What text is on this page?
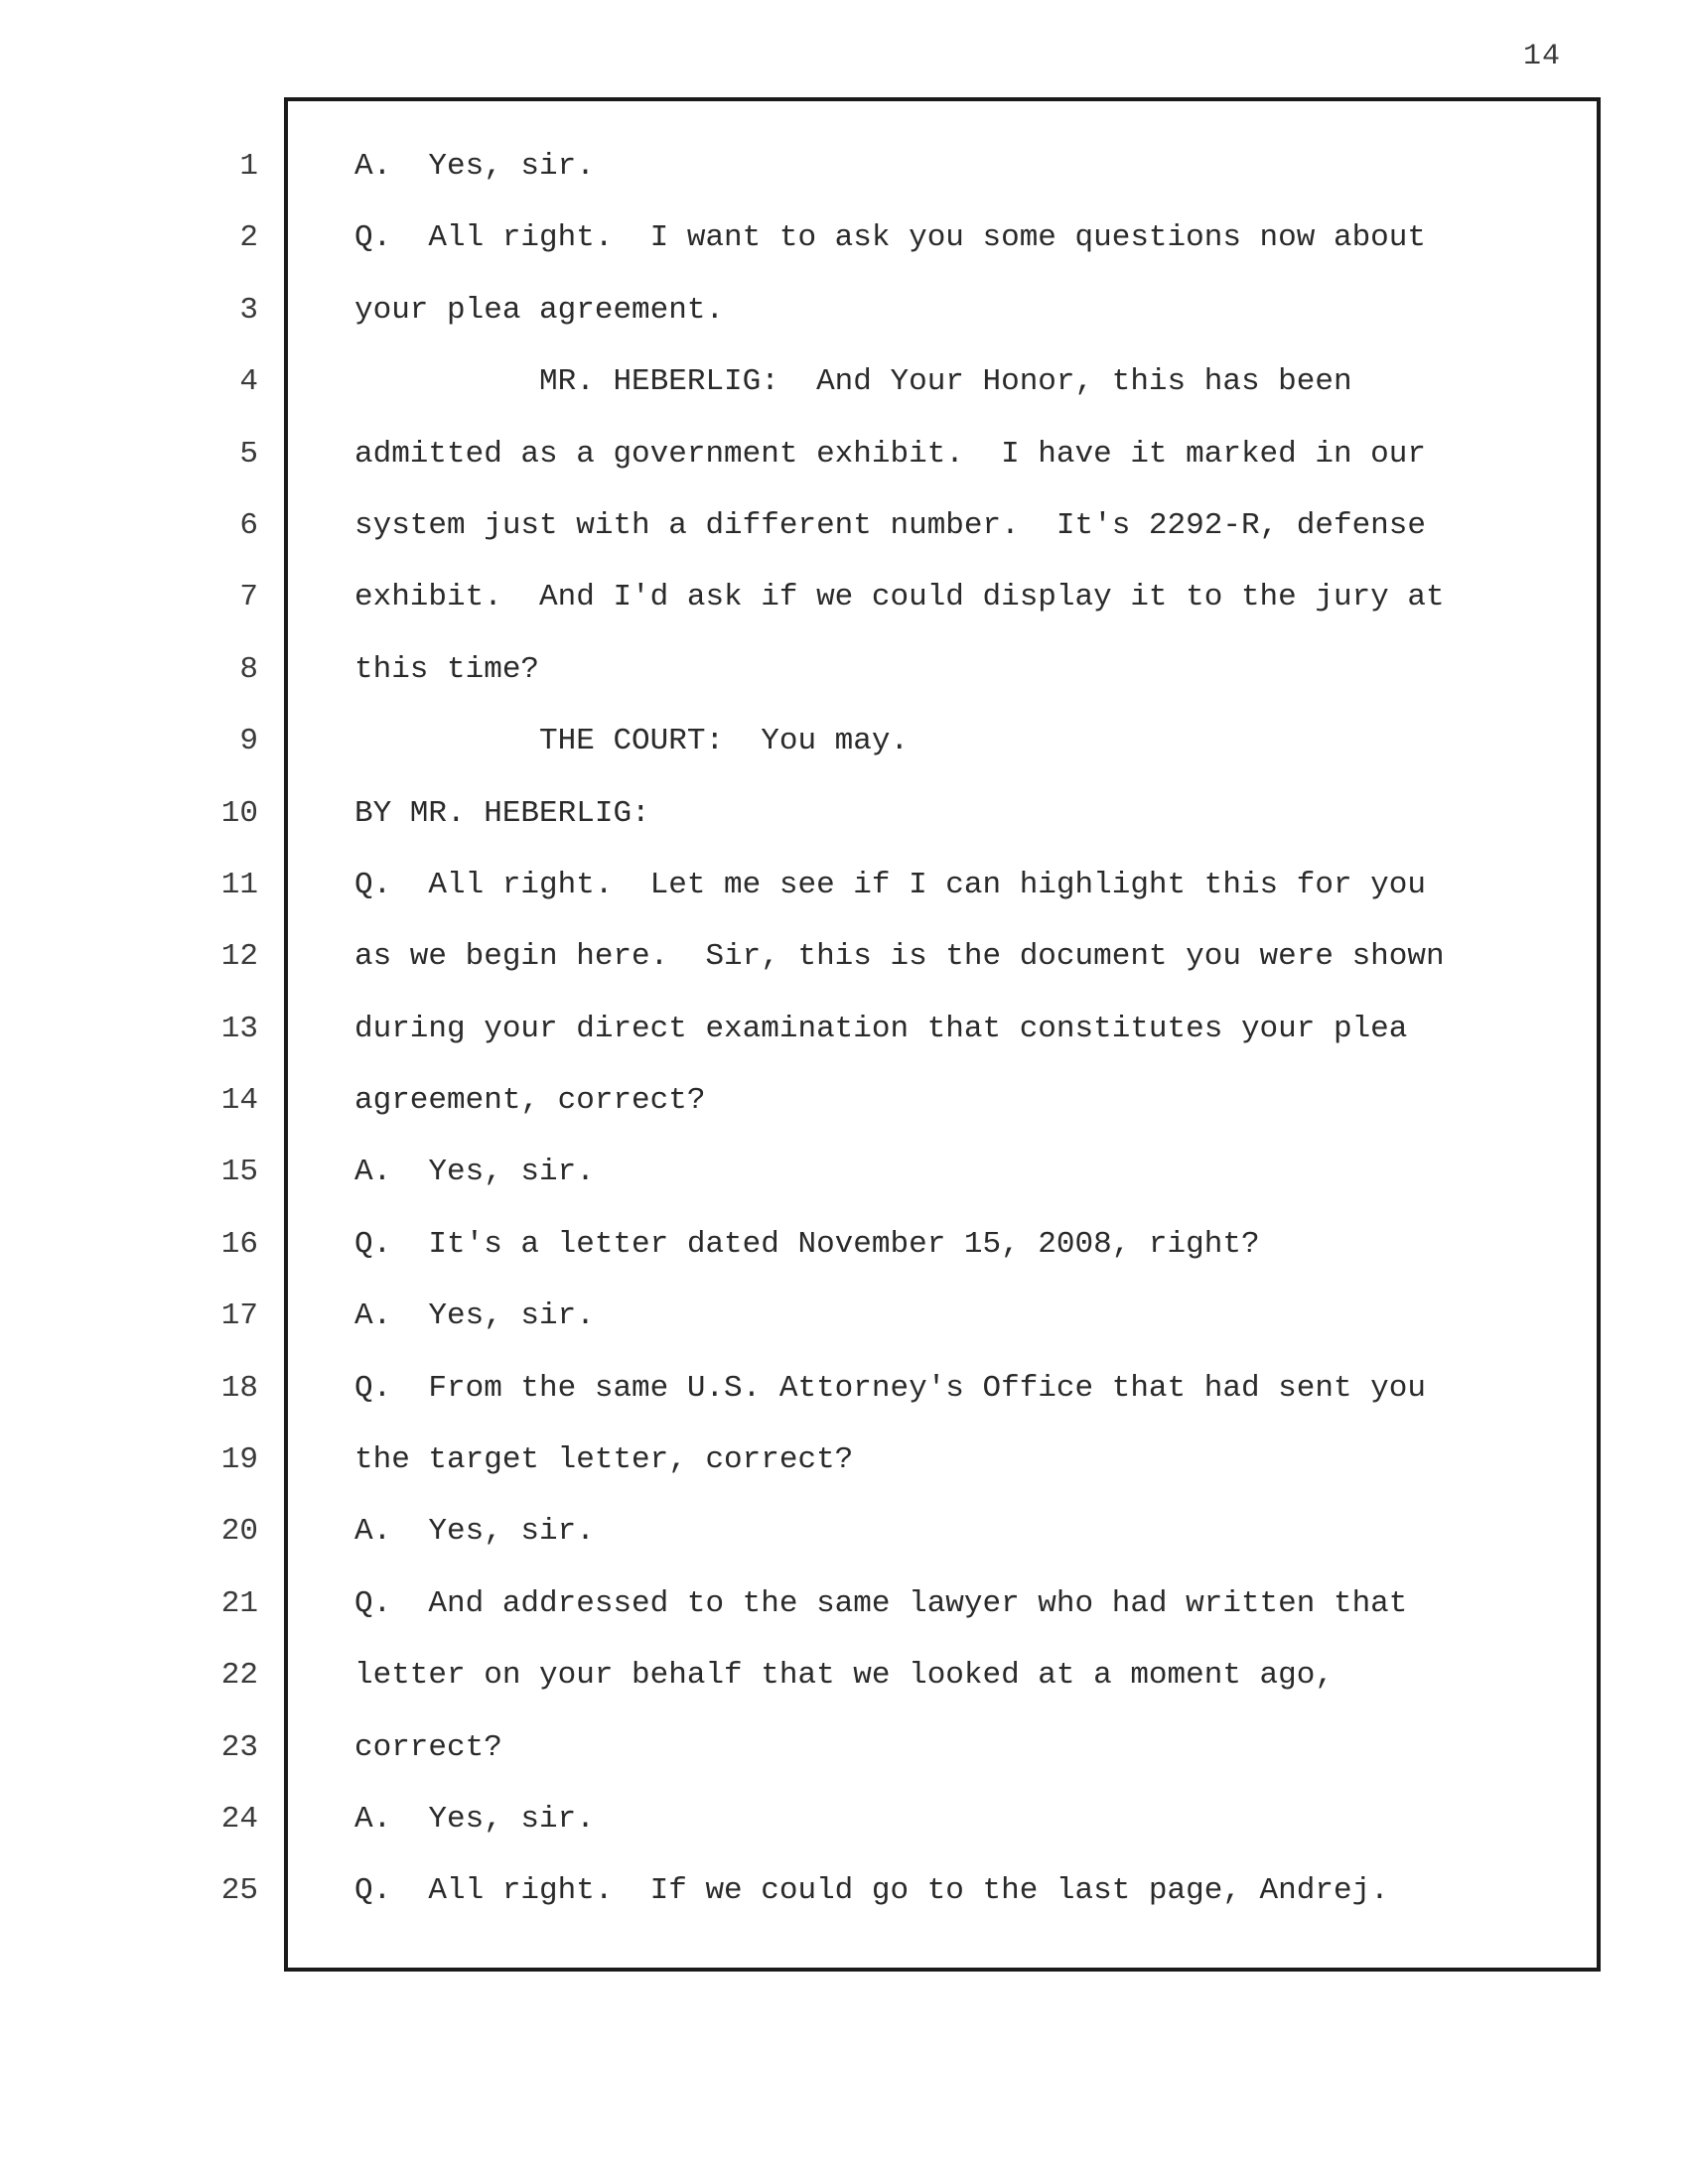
14
1
2
3
4
5
6
7
8
9
10
11
12
13
14
15
16
17
18
19
20
21
22
23
24
25
A.  Yes, sir.
Q.  All right.  I want to ask you some questions now about
your plea agreement.
MR. HEBERLIG:  And Your Honor, this has been
admitted as a government exhibit.  I have it marked in our
system just with a different number.  It's 2292-R, defense
exhibit.  And I'd ask if we could display it to the jury at
this time?
THE COURT:  You may.
BY MR. HEBERLIG:
Q.  All right.  Let me see if I can highlight this for you
as we begin here.  Sir, this is the document you were shown
during your direct examination that constitutes your plea
agreement, correct?
A.  Yes, sir.
Q.  It's a letter dated November 15, 2008, right?
A.  Yes, sir.
Q.  From the same U.S. Attorney's Office that had sent you
the target letter, correct?
A.  Yes, sir.
Q.  And addressed to the same lawyer who had written that
letter on your behalf that we looked at a moment ago,
correct?
A.  Yes, sir.
Q.  All right.  If we could go to the last page, Andrej.
